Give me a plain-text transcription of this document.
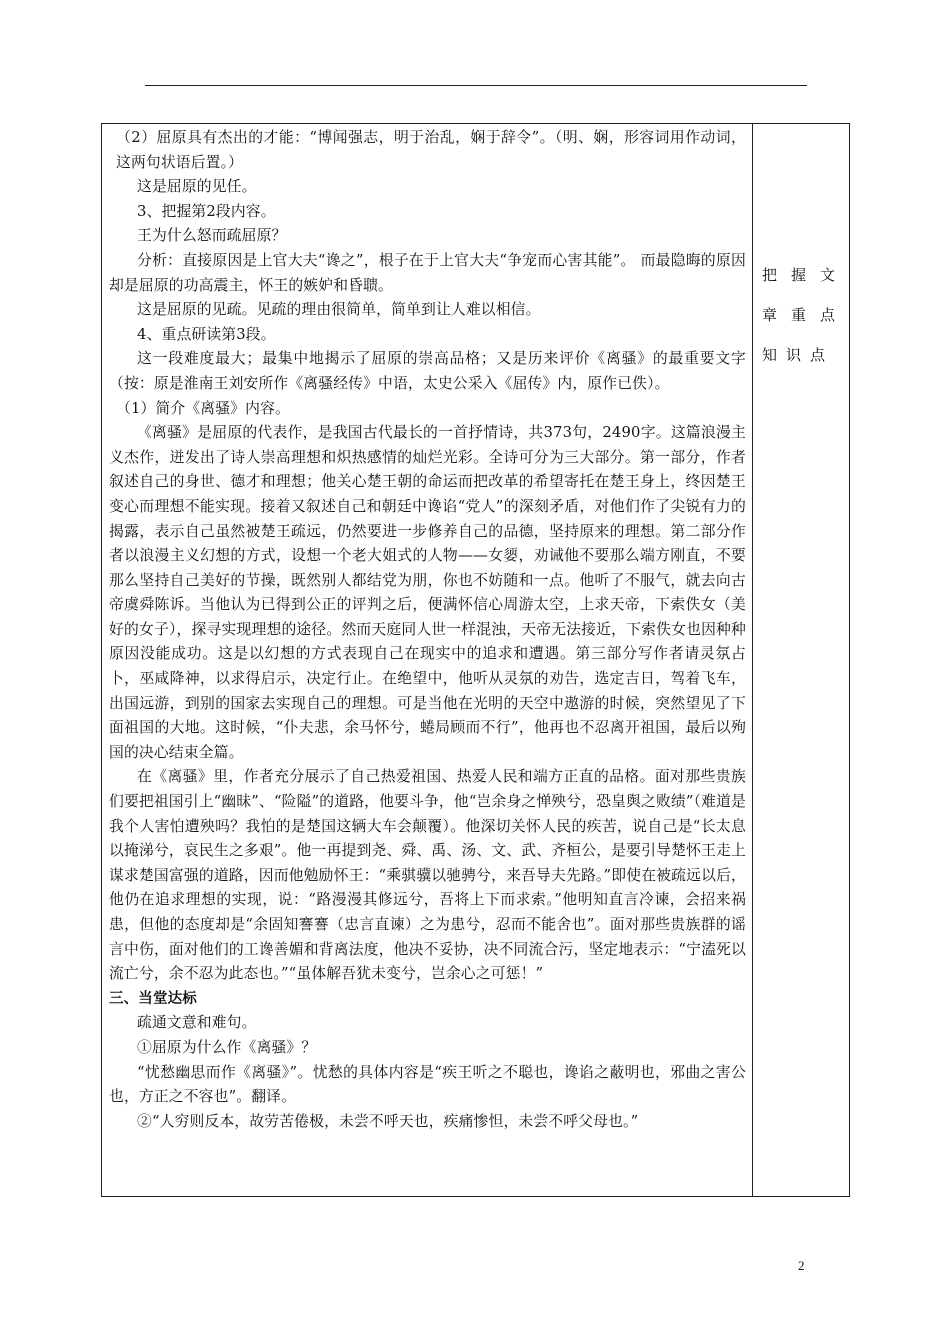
（2）屈原具有杰出的才能：“博闻强志，明于治乱，娴于辞令”。（明、娴，形容词用作动词，这两句状语后置。）

这是屈原的见任。

3、把握第2段内容。

王为什么怒而疏屈原？

分析：直接原因是上官大夫“谗之”，根子在于上官大夫“争宠而心害其能”。 而最隐晦的原因却是屈原的功高震主，怀王的嫉妒和昏聩。

这是屈原的见疏。见疏的理由很简单，简单到让人难以相信。

4、重点研读第3段。

这一段难度最大；最集中地揭示了屈原的崇高品格；又是历来评价《离骚》的最重要文字（按：原是淮南王刘安所作《离骚经传》中语，太史公采入《屈传》内，原作已佚）。

（1）简介《离骚》内容。

《离骚》是屈原的代表作，是我国古代最长的一首抒情诗，共373句，2490字。这篇浪漫主义杰作，迸发出了诗人崇高理想和炽热感情的灿烂光彩。全诗可分为三大部分。第一部分，作者叙述自己的身世、德才和理想；他关心楚王朝的命运而把改革的希望寄托在楚王身上，终因楚王变心而理想不能实现。接着又叙述自己和朝廷中谗谄“党人”的深刻矛盾，对他们作了尖锐有力的揭露，表示自己虽然被楚王疏远，仍然要进一步修养自己的品德，坚持原来的理想。第二部分作者以浪漫主义幻想的方式，设想一个老大姐式的人物——女媭，劝诫他不要那么端方刚直，不要那么坚持自己美好的节操，既然别人都结党为朋，你也不妨随和一点。他听了不服气，就去向古帝虞舜陈诉。当他认为已得到公正的评判之后，便满怀信心周游太空，上求天帝，下索佚女（美好的女子），探寻实现理想的途径。然而天庭同人世一样混浊，天帝无法接近，下索佚女也因种种原因没能成功。这是以幻想的方式表现自己在现实中的追求和遭遇。第三部分写作者请灵氛占卜，巫咸降神，以求得启示，决定行止。在绝望中，他听从灵氛的劝告，选定吉日，驾着飞车，出国远游，到别的国家去实现自己的理想。可是当他在光明的天空中遨游的时候，突然望见了下面祖国的大地。这时候，“仆夫悲，余马怀兮，蜷局顾而不行”，他再也不忍离开祖国，最后以殉国的决心结束全篇。

在《离骚》里，作者充分展示了自己热爱祖国、热爱人民和端方正直的品格。面对那些贵族们要把祖国引上“幽昧”、“险隘”的道路，他要斗争，他“岂余身之惮殃兮，恐皇舆之败绩”（难道是我个人害怕遭殃吗？我怕的是楚国这辆大车会颠覆）。他深切关怀人民的疾苦，说自己是“长太息以掩涕兮，哀民生之多艰”。他一再提到尧、舜、禹、汤、文、武、齐桓公，是要引导楚怀王走上谋求楚国富强的道路，因而他勉励怀王：“乘骐骥以驰骋兮，来吾导夫先路。”即使在被疏远以后，他仍在追求理想的实现，说：“路漫漫其修远兮，吾将上下而求索。”他明知直言冷谏，会招来祸患，但他的态度却是“余固知謇謇（忠言直谏）之为患兮，忍而不能舍也”。面对那些贵族群的谣言中伤，面对他们的工谗善媚和背离法度，他决不妥协，决不同流合污，坚定地表示：“宁溘死以流亡兮，余不忍为此态也。”“虽体解吾犹未变兮，岂余心之可惩！”

三、当堂达标

疏通文意和难句。

①屈原为什么作《离骚》？

“忧愁幽思而作《离骚》”。忧愁的具体内容是“疾王听之不聪也，谗谄之蔽明也，邪曲之害公也，方正之不容也”。翻译。

②“人穷则反本，故劳苦倦极，未尝不呼天也，疾痛惨怛，未尝不呼父母也。”

把握文章重点知识点
2
